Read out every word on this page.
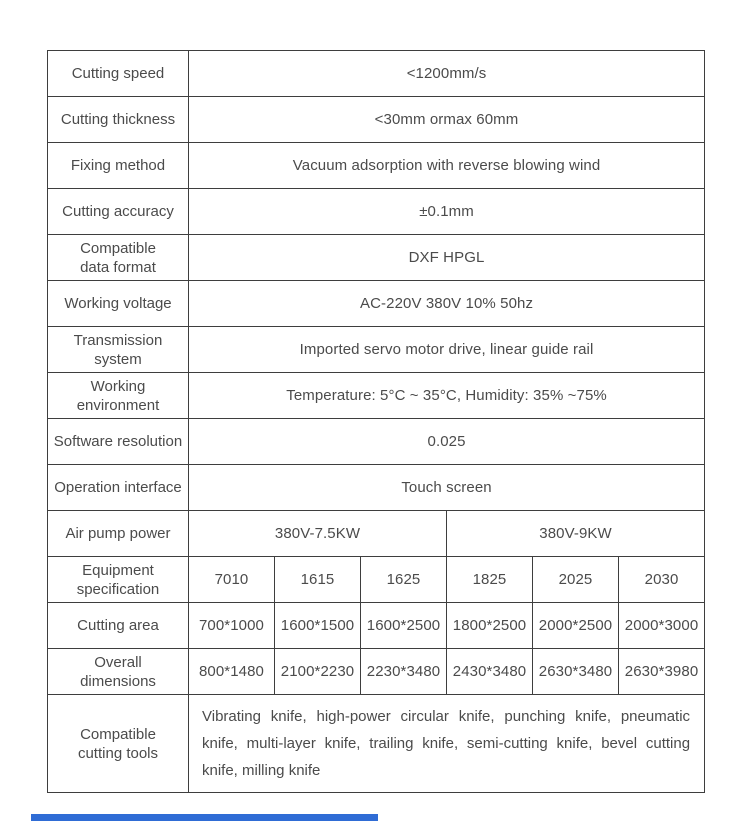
Cutting speed	<1200mm/s					

Cutting thickness	<30mm ormax 60mm					

Fixing method	Vacuum adsorption with reverse blowing wind					

Cutting accuracy	±0.1mm					

Compatible
data format	DXF HPGL					

Working voltage	AC-220V 380V 10% 50hz					

Transmission
system	Imported servo motor drive, linear guide rail					

Working
environment	Temperature: 5°C ~ 35°C, Humidity: 35% ~75%					

Software resolution	0.025					

Operation interface	Touch screen					

Air pump power	380V-7.5KW			380V-9KW		

Equipment
specification	7010	1615	1625	1825	2025	2030

Cutting area	700*1000	1600*1500	1600*2500	1800*2500	2000*2500	2000*3000

Overall
dimensions	800*1480	2100*2230	2230*3480	2430*3480	2630*3480	2630*3980

Compatible
cutting tools	Vibrating knife, high-power circular knife, punching knife, pneumatic knife, multi-layer knife, trailing knife, semi-cutting knife, bevel cutting knife, milling knife					
